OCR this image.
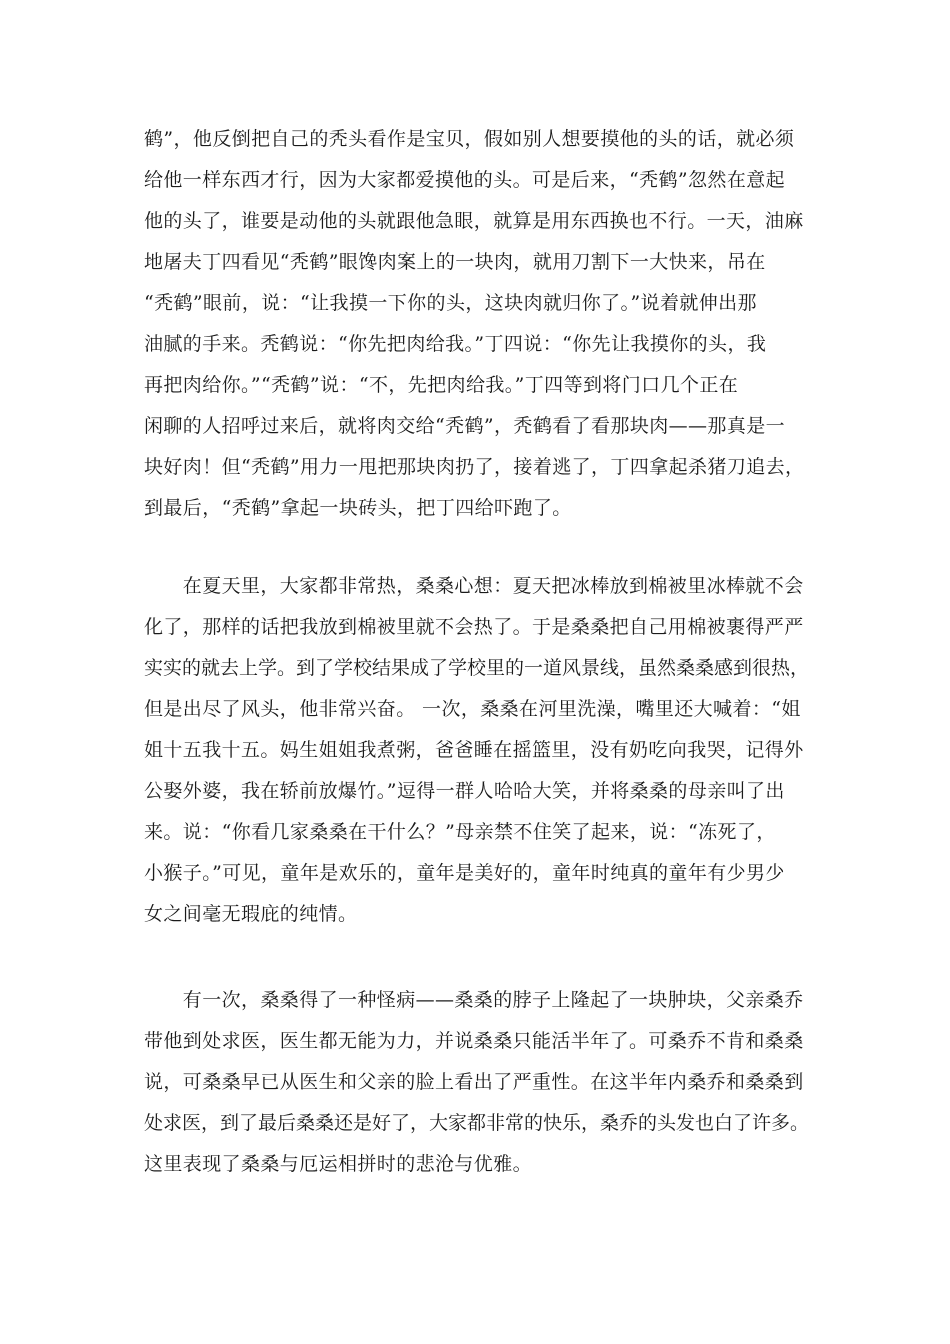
鹤”，他反倒把自己的秃头看作是宝贝，假如别人想要摸他的头的话，就必须
给他一样东西才行，因为大家都爱摸他的头。可是后来，“秃鹤”忽然在意起
他的头了，谁要是动他的头就跟他急眼，就算是用东西换也不行。一天，油麻
地屠夫丁四看见“秃鹤”眼馋肉案上的一块肉，就用刀割下一大快来，吊在
“秃鹤”眼前，说：“让我摸一下你的头，这块肉就归你了。”说着就伸出那
油腻的手来。秃鹤说：“你先把肉给我。”丁四说：“你先让我摸你的头，我
再把肉给你。”“秃鹤”说：“不，先把肉给我。”丁四等到将门口几个正在
闲聊的人招呼过来后，就将肉交给“秃鹤”，秃鹤看了看那块肉——那真是一
块好肉！但“秃鹤”用力一甩把那块肉扔了，接着逃了，丁四拿起杀猪刀追去，
到最后，“秃鹤”拿起一块砖头，把丁四给吓跑了。
　　在夏天里，大家都非常热，桑桑心想：夏天把冰棒放到棉被里冰棒就不会
化了，那样的话把我放到棉被里就不会热了。于是桑桑把自己用棉被裹得严严
实实的就去上学。到了学校结果成了学校里的一道风景线，虽然桑桑感到很热，
但是出尽了风头，他非常兴奋。 一次，桑桑在河里洗澡，嘴里还大喊着：“姐
姐十五我十五。妈生姐姐我煮粥，爸爸睡在摇篮里，没有奶吃向我哭，记得外
公娶外婆，我在轿前放爆竹。”逗得一群人哈哈大笑，并将桑桑的母亲叫了出
来。说：“你看几家桑桑在干什么？”母亲禁不住笑了起来，说：“冻死了，
小猴子。”可见，童年是欢乐的，童年是美好的，童年时纯真的童年有少男少
女之间毫无瑕庇的纯情。
　　有一次，桑桑得了一种怪病——桑桑的脖子上隆起了一块肿块，父亲桑乔
带他到处求医，医生都无能为力，并说桑桑只能活半年了。可桑乔不肯和桑桑
说，可桑桑早已从医生和父亲的脸上看出了严重性。在这半年内桑乔和桑桑到
处求医，到了最后桑桑还是好了，大家都非常的快乐，桑乔的头发也白了许多。
这里表现了桑桑与厄运相拼时的悲沧与优雅。
